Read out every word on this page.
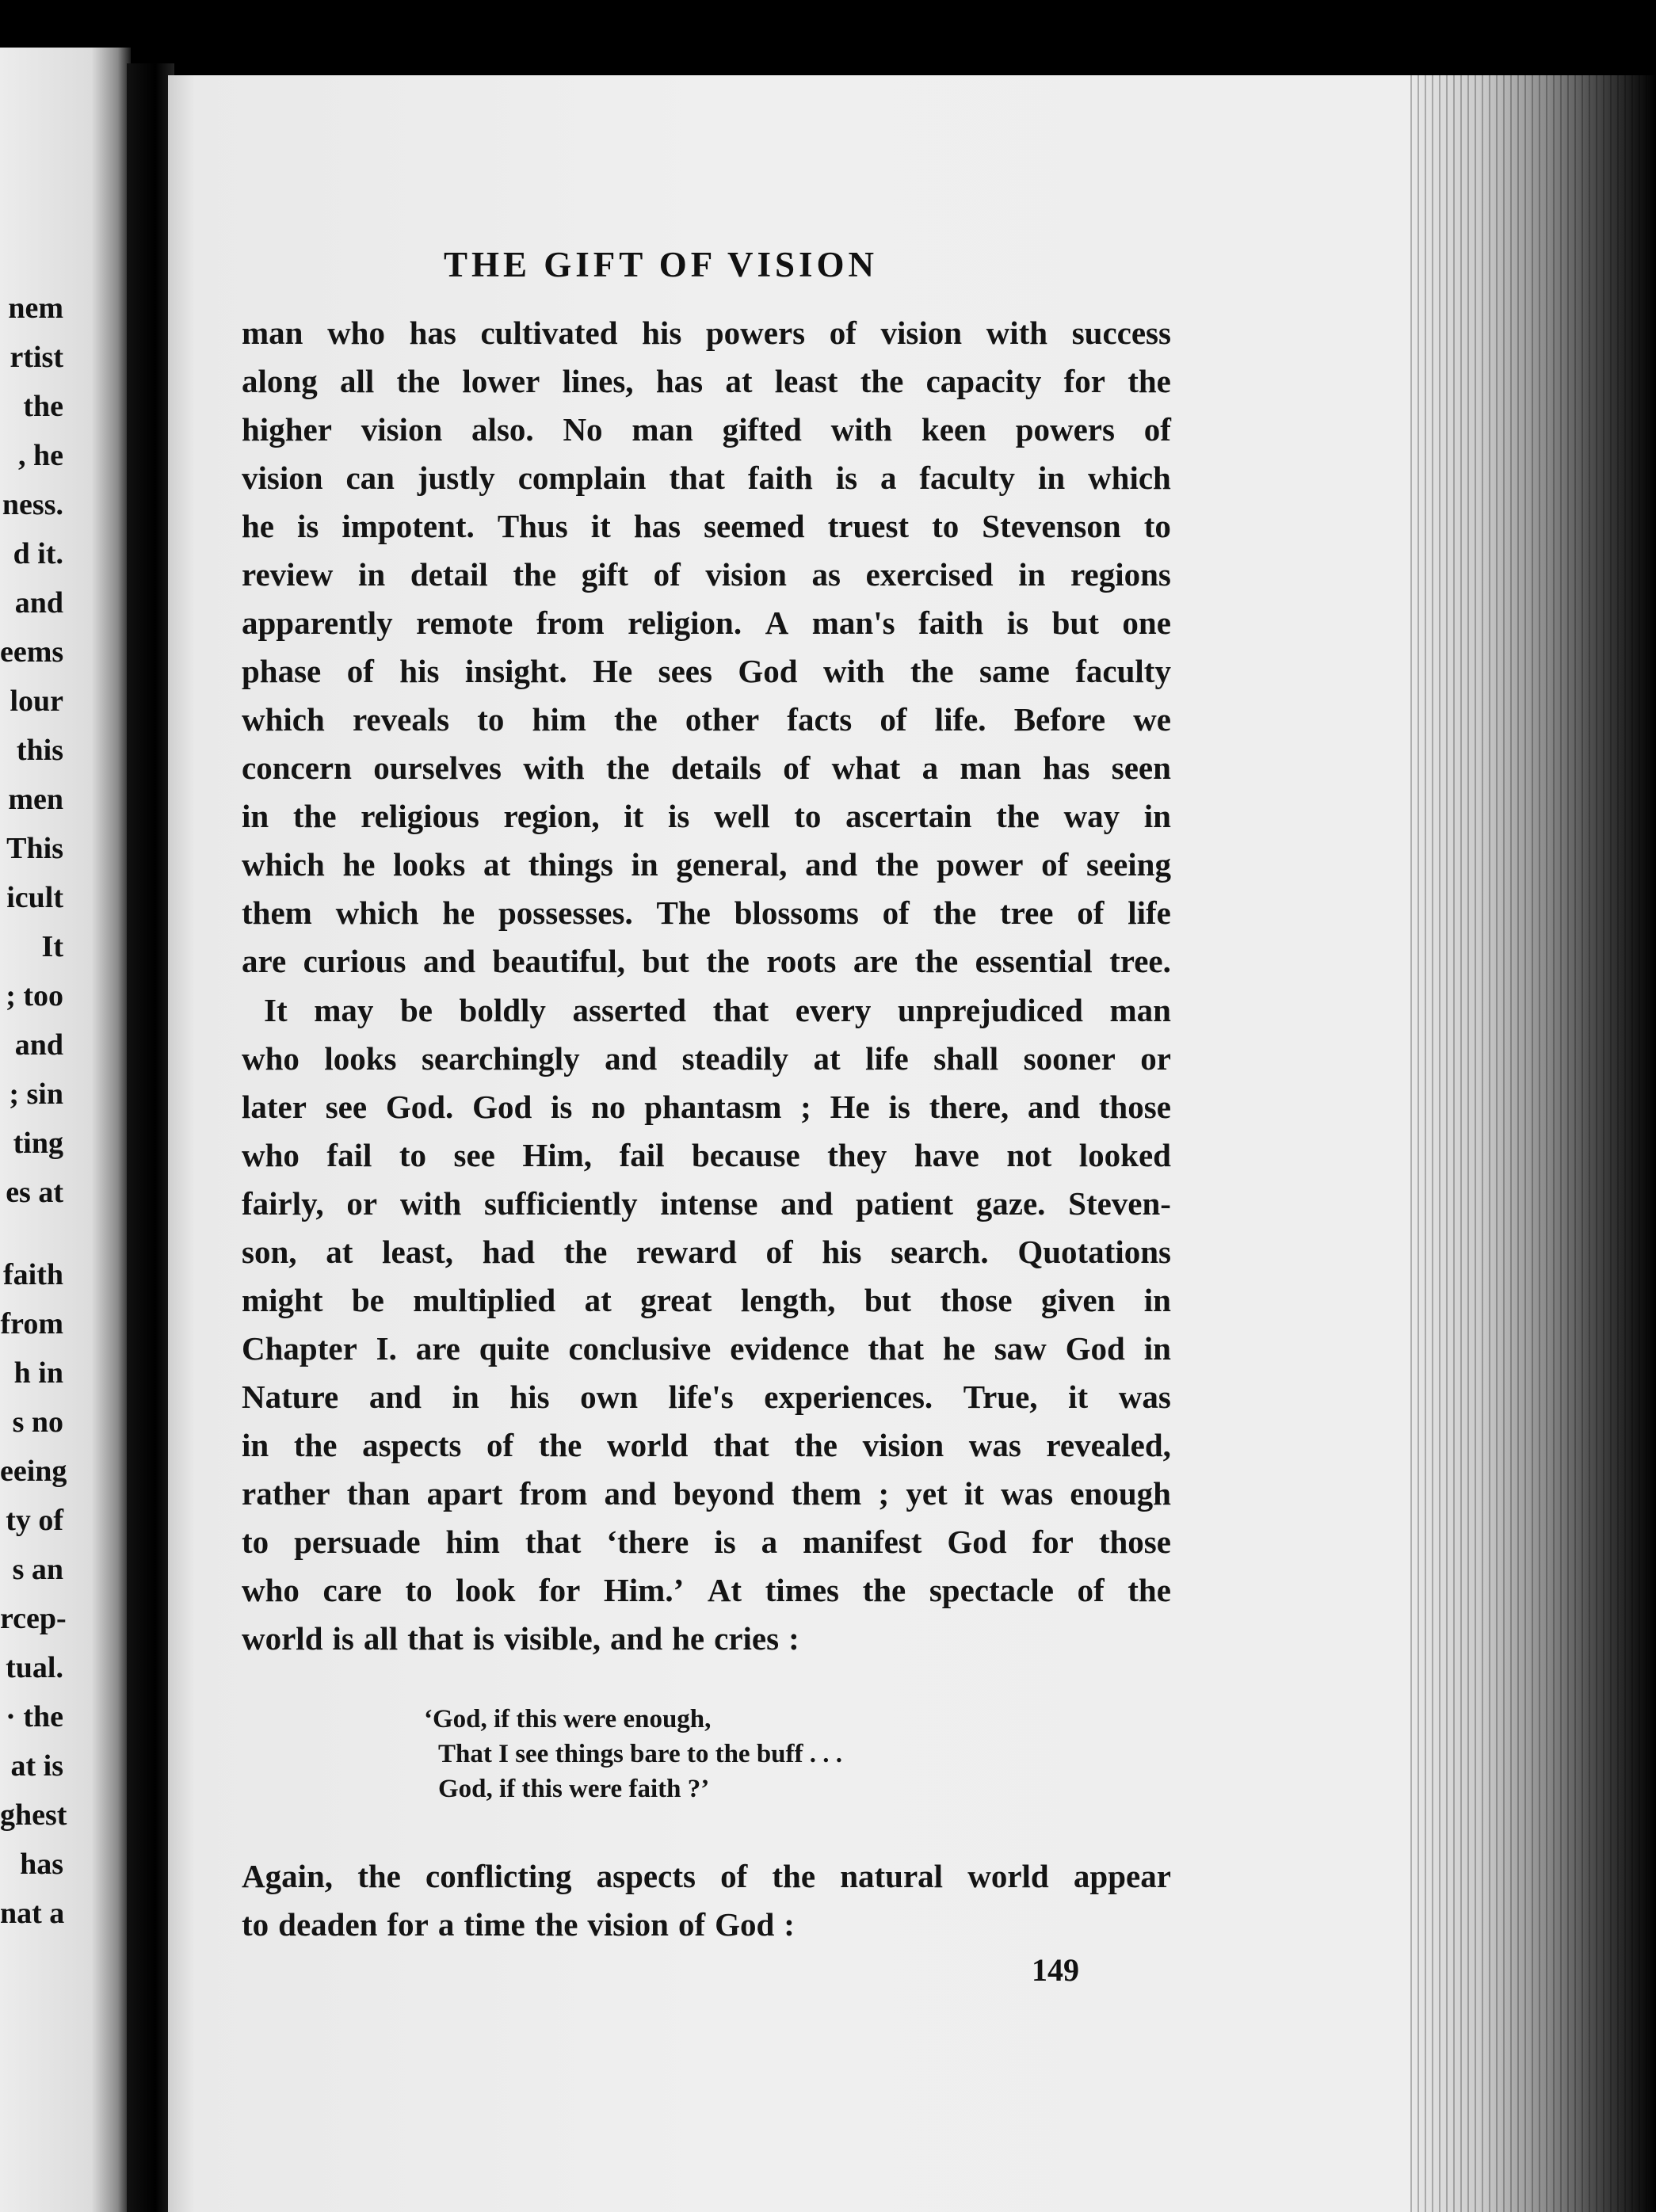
nem
rtist
the
, he
ness.
d it.
and
eems
lour
this
men
This
icult
It
; too
and
; sin
ting
es at
faith
from
h in
s no
eeing
ty of
s an
rcep-
tual.
· the
at is
ghest
has
nat a
THE GIFT OF VISION
man who has cultivated his powers of vision with success
along all the lower lines, has at least the capacity for the
higher vision also. No man gifted with keen powers of
vision can justly complain that faith is a faculty in which
he is impotent. Thus it has seemed truest to Stevenson to
review in detail the gift of vision as exercised in regions
apparently remote from religion. A man's faith is but one
phase of his insight. He sees God with the same faculty
which reveals to him the other facts of life. Before we
concern ourselves with the details of what a man has seen
in the religious region, it is well to ascertain the way in
which he looks at things in general, and the power of seeing
them which he possesses. The blossoms of the tree of life
are curious and beautiful, but the roots are the essential tree.
It may be boldly asserted that every unprejudiced man
who looks searchingly and steadily at life shall sooner or
later see God. God is no phantasm ; He is there, and those
who fail to see Him, fail because they have not looked
fairly, or with sufficiently intense and patient gaze. Steven-
son, at least, had the reward of his search. Quotations
might be multiplied at great length, but those given in
Chapter I. are quite conclusive evidence that he saw God in
Nature and in his own life's experiences. True, it was
in the aspects of the world that the vision was revealed,
rather than apart from and beyond them ; yet it was enough
to persuade him that ‘there is a manifest God for those
who care to look for Him.’ At times the spectacle of the
world is all that is visible, and he cries :
‘God, if this were enough,
That I see things bare to the buff . . .
God, if this were faith ?’
Again, the conflicting aspects of the natural world appear
to deaden for a time the vision of God :
149
